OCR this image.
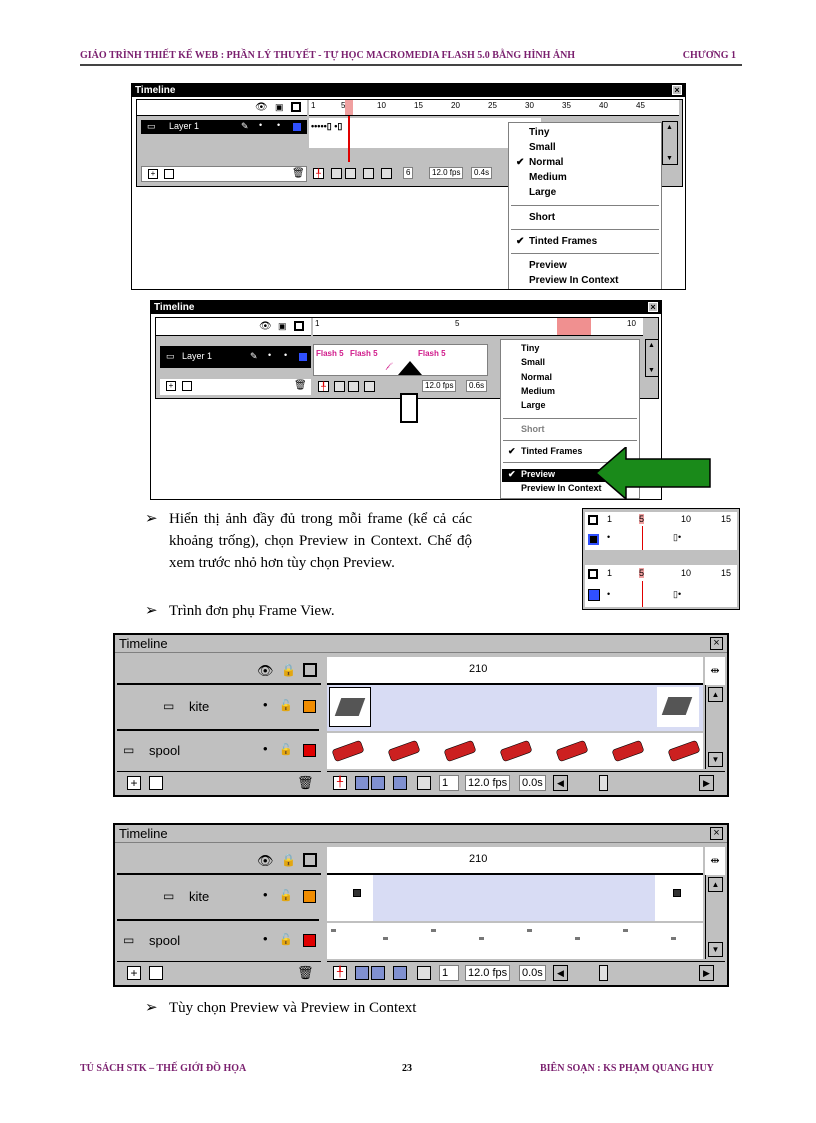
GIÁO TRÌNH THIẾT KẾ WEB : PHẦN LÝ THUYẾT - TỰ HỌC MACROMEDIA FLASH 5.0 BẰNG HÌNH ẢNH	CHƯƠNG 1
Timeline	×
👁 ▣	1	5	10	15	20	25	30	35	40	45
▭ Layer 1	✎ • •	•••••▯ •▯
+	🗑	╀	6	12.0 fps	0.4s
Tiny
Small
✔ Normal
Medium
Large
Short
✔ Tinted Frames
Preview
Preview In Context
▲
▼
Timeline	×
👁 ▣	1	5	10
▭ Layer 1	✎ • •	Flash 5 Flash 5
𝒻
Flash 5
+	🗑	╀	12.0 fps	0.6s
Tiny
Small
Normal
Medium
Large
Short
✔ Tinted Frames
✔ Preview
Preview In Context
▲
▼
➢ Hiển thị ảnh đầy đủ trong mỗi frame (kể cả các khoảng trống), chọn Preview in Context. Chế độ xem trước nhỏ hơn tùy chọn Preview.
➢ Trình đơn phụ Frame View.
1	5	10	15
•	▯•
1	5	10	15
•	▯•
Timeline	×
👁 🔒	210	⇹
▭ kite	• 🔓
▭ spool	• 🔓
▲
▼
+	🗑	╀	1	12.0 fps 0.0s	◀	▶
Timeline	×
👁 🔒	210	⇹
▭ kite	• 🔓
▭ spool	• 🔓
▲
▼
+	🗑	╀	1	12.0 fps 0.0s	◀	▶
➢ Tùy chọn Preview và Preview in Context
TỦ SÁCH STK – THẾ GIỚI ĐỒ HỌA	23	BIÊN SOẠN : KS PHẠM QUANG HUY
